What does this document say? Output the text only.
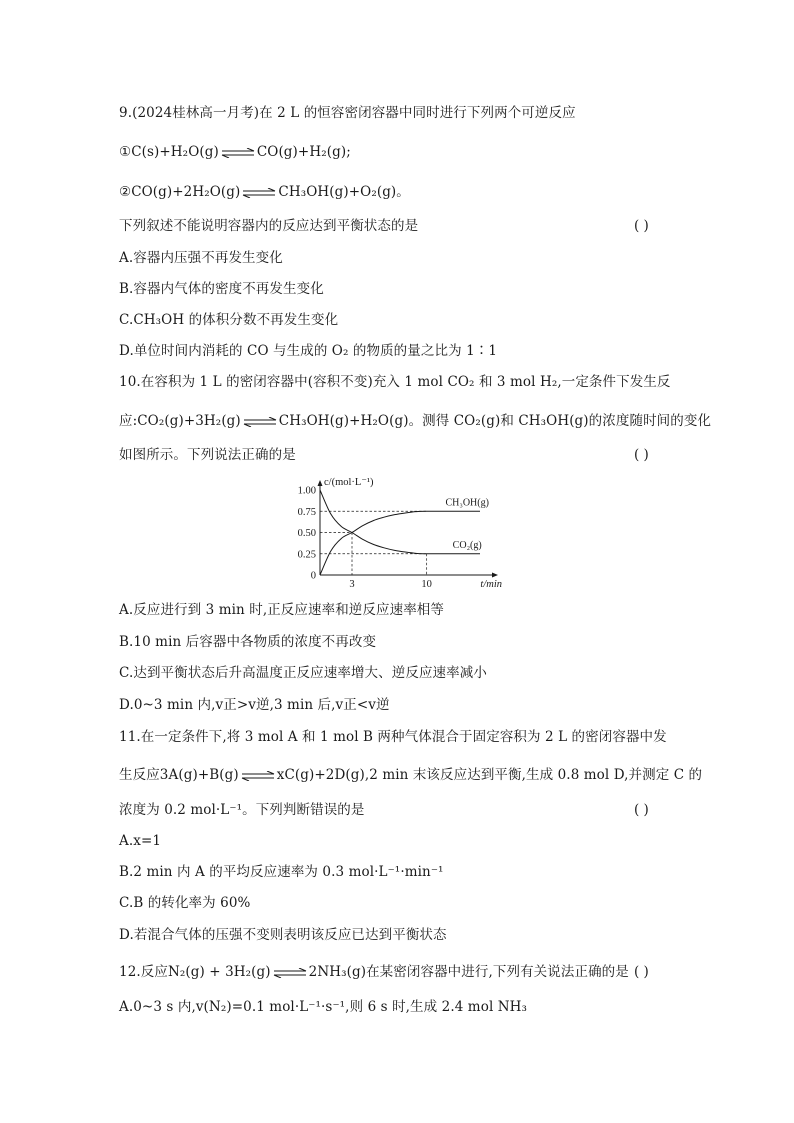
9.(2024桂林高一月考)在 2 L 的恒容密闭容器中同时进行下列两个可逆反应
①C(s)+H₂O(g) ⇌ CO(g)+H₂(g);
②CO(g)+2H₂O(g) ⇌ CH₃OH(g)+O₂(g)。
下列叙述不能说明容器内的反应达到平衡状态的是	( )
A.容器内压强不再发生变化
B.容器内气体的密度不再发生变化
C.CH₃OH 的体积分数不再发生变化
D.单位时间内消耗的 CO 与生成的 O₂ 的物质的量之比为 1∶1
10.在容积为 1 L 的密闭容器中(容积不变)充入 1 mol CO₂ 和 3 mol H₂,一定条件下发生反
应:CO₂(g)+3H₂(g) ⇌ CH₃OH(g)+H₂O(g)。测得 CO₂(g)和 CH₃OH(g)的浓度随时间的变化
如图所示。下列说法正确的是	( )
0
0.25
0.50
0.75
1.00
3	10
c/(mol·L⁻¹)
t/min
CH₃OH(g)
CO₂(g)
A.反应进行到 3 min 时,正反应速率和逆反应速率相等
B.10 min 后容器中各物质的浓度不再改变
C.达到平衡状态后升高温度正反应速率增大、逆反应速率减小
D.0~3 min 内,v正>v逆,3 min 后,v正<v逆
11.在一定条件下,将 3 mol A 和 1 mol B 两种气体混合于固定容积为 2 L 的密闭容器中发
生反应3A(g)+B(g) ⇌ xC(g)+2D(g),2 min 末该反应达到平衡,生成 0.8 mol D,并测定 C 的
浓度为 0.2 mol·L⁻¹。下列判断错误的是	( )
A.x=1
B.2 min 内 A 的平均反应速率为 0.3 mol·L⁻¹·min⁻¹
C.B 的转化率为 60%
D.若混合气体的压强不变则表明该反应已达到平衡状态
12.反应N₂(g) + 3H₂(g) ⇌ 2NH₃(g)在某密闭容器中进行,下列有关说法正确的是 ( )
A.0~3 s 内,v(N₂)=0.1 mol·L⁻¹·s⁻¹,则 6 s 时,生成 2.4 mol NH₃
